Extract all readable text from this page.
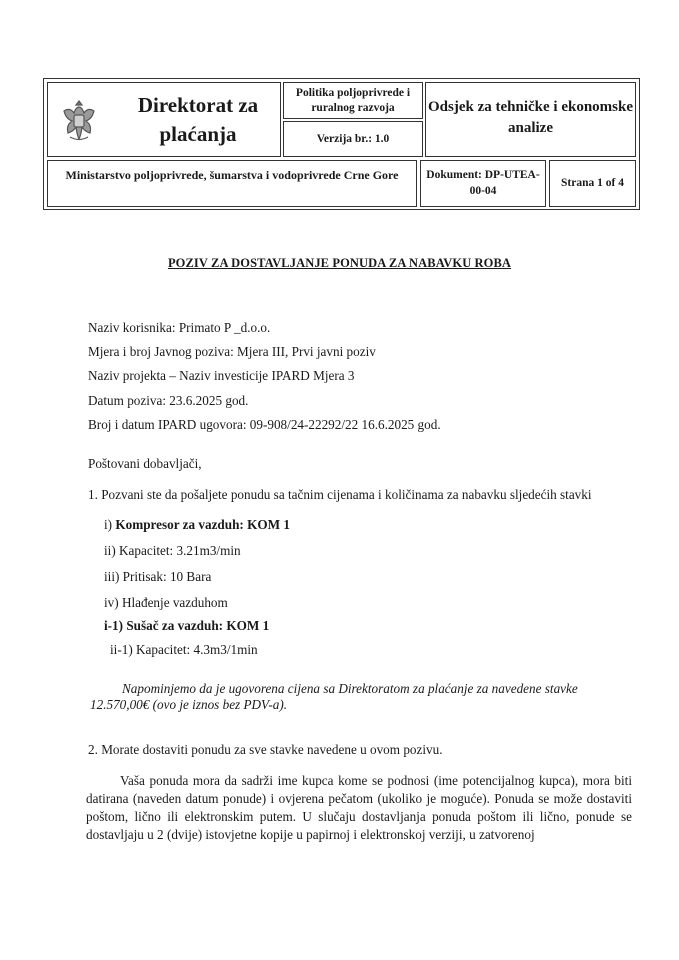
Direktorat za plaćanja
Politika poljoprivrede i ruralnog razvoja
Verzija br.: 1.0
Odsjek za tehničke i ekonomske analize
Ministarstvo poljoprivrede, šumarstva i vodoprivrede Crne Gore	Dokument: DP-UTEA-00-04
Strana 1 of 4
POZIV ZA DOSTAVLJANJE PONUDA ZA NABAVKU ROBA
Naziv korisnika: Primato P _d.o.o.
Mjera i broj Javnog poziva: Mjera III, Prvi javni poziv
Naziv projekta – Naziv investicije IPARD Mjera 3
Datum poziva: 23.6.2025 god.
Broj i datum IPARD ugovora: 09-908/24-22292/22 16.6.2025 god.
Poštovani dobavljači,
1. Pozvani ste da pošaljete ponudu sa tačnim cijenama i količinama za nabavku sljedećih stavki
i) Kompresor za vazduh: KOM 1
ii) Kapacitet: 3.21m3/min
iii) Pritisak: 10 Bara
iv) Hlađenje vazduhom
i-1) Sušač za vazduh: KOM 1
ii-1) Kapacitet: 4.3m3/1min
Napominjemo da je ugovorena cijena sa Direktoratom za plaćanje za navedene stavke
12.570,00€ (ovo je iznos bez PDV-a).
2. Morate dostaviti ponudu za sve stavke navedene u ovom pozivu.
Vaša ponuda mora da sadrži ime kupca kome se podnosi (ime potencijalnog kupca), mora biti datirana (naveden datum ponude) i ovjerena pečatom (ukoliko je moguće). Ponuda se može dostaviti poštom, lično ili elektronskim putem. U slučaju dostavljanja ponuda poštom ili lično, ponude se dostavljaju u 2 (dvije) istovjetne kopije u papirnoj i elektronskoj verziji, u zatvorenoj
